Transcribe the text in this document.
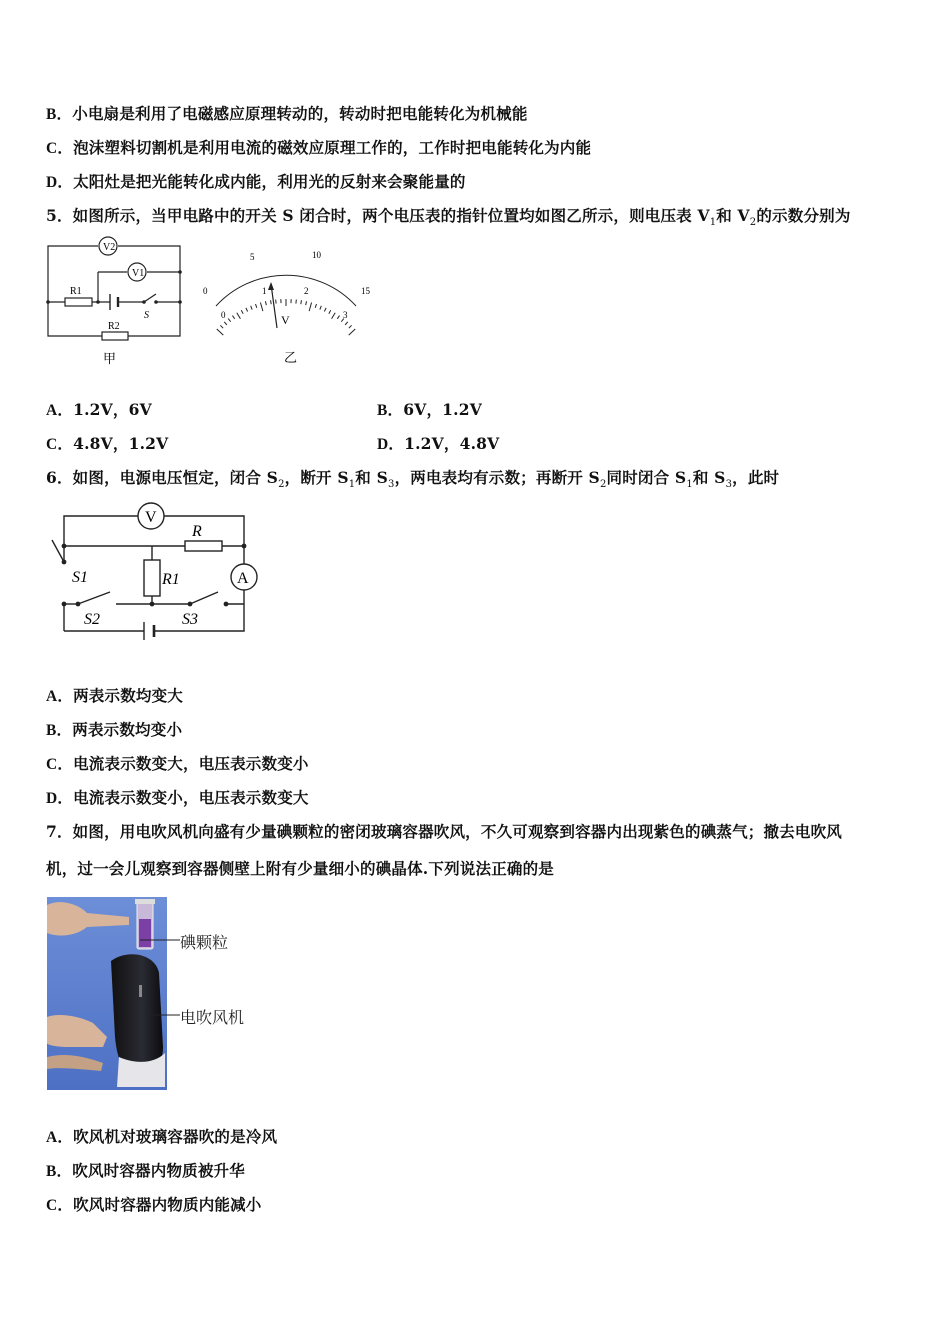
B．小电扇是利用了电磁感应原理转动的，转动时把电能转化为机械能
C．泡沫塑料切割机是利用电流的磁效应原理工作的，工作时把电能转化为内能
D．太阳灶是把光能转化成内能，利用光的反射来会聚能量的
5．如图所示，当甲电路中的开关 S 闭合时，两个电压表的指针位置均如图乙所示，则电压表 $V_1$和 $V_2$的示数分别为
V2
V1
R1
R2
S
甲
0
5	10
15
0
1	2
3
V
乙
A．1.2V，6V	B．6V，1.2V
C．4.8V，1.2V	D．1.2V，4.8V
6．如图，电源电压恒定，闭合 $S_2$，断开 $S_1$和 $S_3$，两电表均有示数；再断开 $S_2$同时闭合 $S_1$和 $S_3$，此时
V
A
R
R1
S1
S2	S3
A．两表示数均变大
B．两表示数均变小
C．电流表示数变大，电压表示数变小
D．电流表示数变小，电压表示数变大
7．如图，用电吹风机向盛有少量碘颗粒的密闭玻璃容器吹风，不久可观察到容器内出现紫色的碘蒸气；撤去电吹风
机，过一会儿观察到容器侧壁上附有少量细小的碘晶体.下列说法正确的是
碘颗粒
电吹风机
A．吹风机对玻璃容器吹的是冷风
B．吹风时容器内物质被升华
C．吹风时容器内物质内能减小
